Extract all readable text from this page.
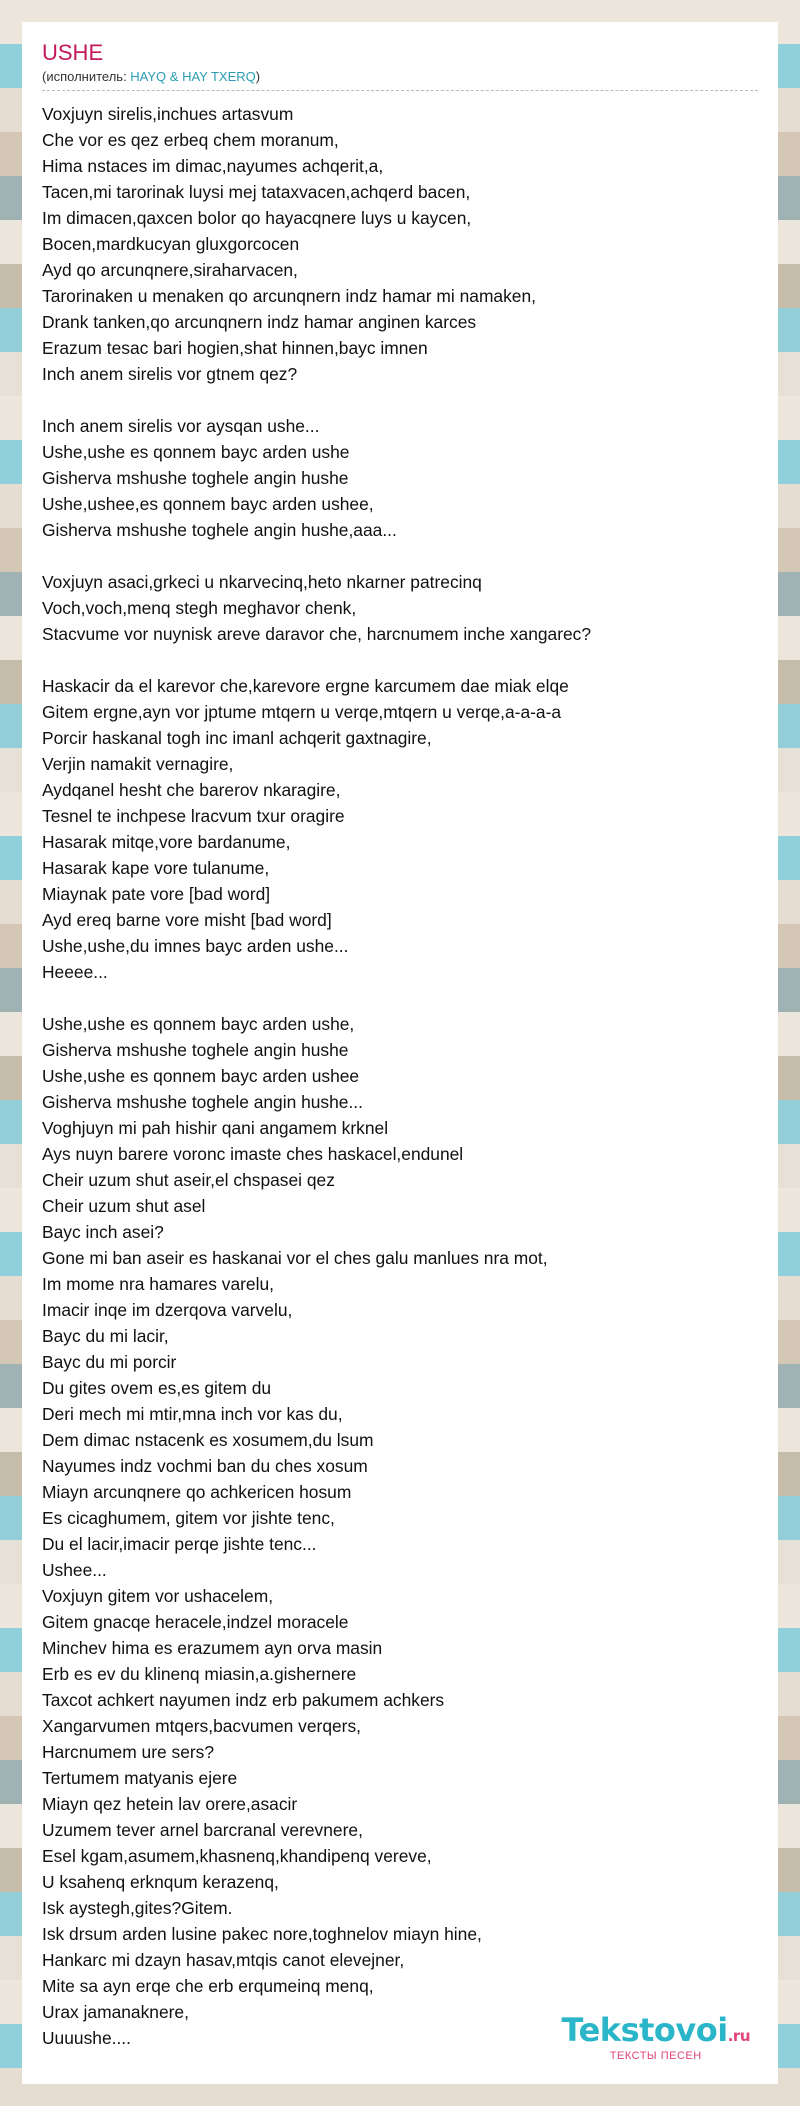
USHE
(исполнитель: HAYQ & HAY TXERQ)
Voxjuyn sirelis,inchues artasvum
Che vor es qez erbeq chem moranum,
Hima nstaces im dimac,nayumes achqerit,a,
Tacen,mi tarorinak luysi mej tataxvacen,achqerd bacen,
Im dimacen,qaxcen bolor qo hayacqnere luys u kaycen,
Bocen,mardkucyan gluxgorcocen
Ayd qo arcunqnere,siraharvacen,
Tarorinaken u menaken qo arcunqnern indz hamar mi namaken,
Drank tanken,qo arcunqnern indz hamar anginen karces
Erazum tesac bari hogien,shat hinnen,bayc imnen
Inch anem sirelis vor gtnem qez?
Inch anem sirelis vor aysqan ushe...
Ushe,ushe es qonnem bayc arden ushe
Gisherva mshushe toghele angin hushe
Ushe,ushee,es qonnem bayc arden ushee,
Gisherva mshushe toghele angin hushe,aaa...
Voxjuyn asaci,grkeci u nkarvecinq,heto nkarner patrecinq
Voch,voch,menq stegh meghavor chenk,
Stacvume vor nuynisk areve daravor che, harcnumem inche xangarec?
Haskacir da el karevor che,karevore ergne karcumem dae miak elqe
Gitem ergne,ayn vor jptume mtqern u verqe,mtqern u verqe,a-a-a-a
Porcir haskanal togh inc imanl achqerit gaxtnagire,
Verjin namakit vernagire,
Aydqanel hesht che barerov nkaragire,
Tesnel te inchpese lracvum txur oragire
Hasarak mitqe,vore bardanume,
Hasarak kape vore tulanume,
Miaynak pate vore [bad word]
Ayd ereq barne vore misht [bad word]
Ushe,ushe,du imnes bayc arden ushe...
Heeee...
Ushe,ushe es qonnem bayc arden ushe,
Gisherva mshushe toghele angin hushe
Ushe,ushe es qonnem bayc arden ushee
Gisherva mshushe toghele angin hushe...
Voghjuyn mi pah hishir qani angamem krknel
Ays nuyn barere voronc imaste ches haskacel,endunel
Cheir uzum shut aseir,el chspasei qez
Cheir uzum shut asel
Bayc inch asei?
Gone mi ban aseir es haskanai vor el ches galu manlues nra mot,
Im mome nra hamares varelu,
Imacir inqe im dzerqova varvelu,
Bayc du mi lacir,
Bayc du mi porcir
Du gites ovem es,es gitem du
Deri mech mi mtir,mna inch vor kas du,
Dem dimac nstacenk es xosumem,du lsum
Nayumes indz vochmi ban du ches xosum
Miayn arcunqnere qo achkericen hosum
Es cicaghumem, gitem vor jishte tenc,
Du el lacir,imacir perqe jishte tenc...
Ushee...
Voxjuyn gitem vor ushacelem,
Gitem gnacqe heracele,indzel moracele
Minchev hima es erazumem ayn orva masin
Erb es ev du klinenq miasin,a.gishernere
Taxcot achkert nayumen indz erb pakumem achkers
Xangarvumen mtqers,bacvumen verqers,
Harcnumem ure sers?
Tertumem matyanis ejere
Miayn qez hetein lav orere,asacir
Uzumem tever arnel barcranal verevnere,
Esel kgam,asumem,khasnenq,khandipenq vereve,
U ksahenq erknqum kerazenq,
Isk aystegh,gites?Gitem.
Isk drsum arden lusine pakec nore,toghnelov miayn hine,
Hankarc mi dzayn hasav,mtqis canot elevejner,
Mite sa ayn erqe che erb erqumeinq menq,
Urax jamanaknere,
Uuuushe....	Tekstovoi.ru
ТЕКСТЫ ПЕСЕН
